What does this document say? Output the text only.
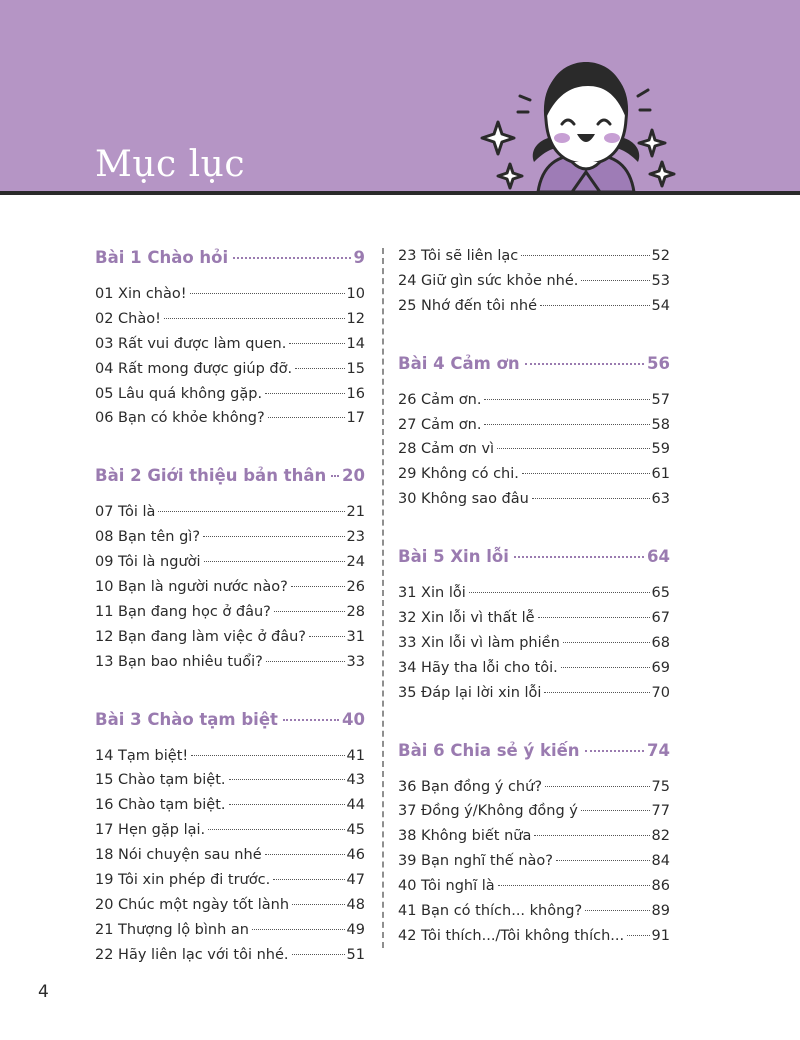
Mục lục
Bài 1 Chào hỏi	9
01 Xin chào!	10
02 Chào!	12
03 Rất vui được làm quen.	14
04 Rất mong được giúp đỡ.	15
05 Lâu quá không gặp.	16
06 Bạn có khỏe không?	17
Bài 2 Giới thiệu bản thân 20
07 Tôi là	21
08 Bạn tên gì?	23
09 Tôi là người	24
10 Bạn là người nước nào?	26
11 Bạn đang học ở đâu?	28
12 Bạn đang làm việc ở đâu?	31
13 Bạn bao nhiêu tuổi?	33
Bài 3 Chào tạm biệt	40
14 Tạm biệt!	41
15 Chào tạm biệt.	43
16 Chào tạm biệt.	44
17 Hẹn gặp lại.	45
18 Nói chuyện sau nhé	46
19 Tôi xin phép đi trước.	47
20 Chúc một ngày tốt lành	48
21 Thượng lộ bình an	49
22 Hãy liên lạc với tôi nhé.	51
23 Tôi sẽ liên lạc	52
24 Giữ gìn sức khỏe nhé.	53
25 Nhớ đến tôi nhé	54
Bài 4 Cảm ơn	56
26 Cảm ơn.	57
27 Cảm ơn.	58
28 Cảm ơn vì	59
29 Không có chi.	61
30 Không sao đâu	63
Bài 5 Xin lỗi	64
31 Xin lỗi	65
32 Xin lỗi vì thất lễ	67
33 Xin lỗi vì làm phiền	68
34 Hãy tha lỗi cho tôi.	69
35 Đáp lại lời xin lỗi	70
Bài 6 Chia sẻ ý kiến	74
36 Bạn đồng ý chứ?	75
37 Đồng ý/Không đồng ý	77
38 Không biết nữa	82
39 Bạn nghĩ thế nào?	84
40 Tôi nghĩ là	86
41 Bạn có thích... không?	89
42 Tôi thích.../Tôi không thích... 91
4
